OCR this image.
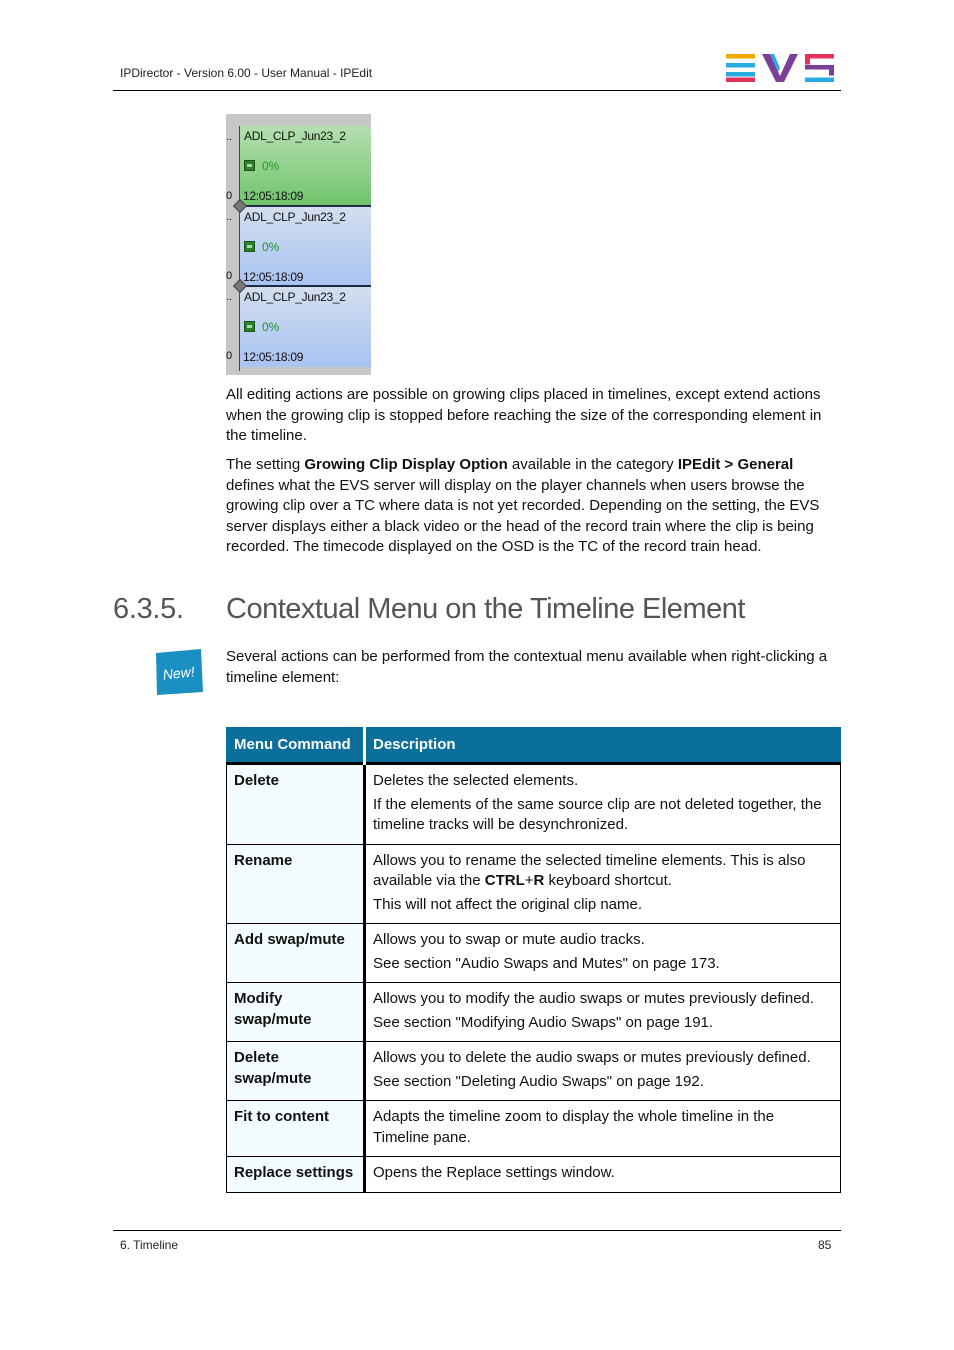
IPDirector - Version 6.00 - User Manual - IPEdit
ADL_CLP_Jun23_2
0%
12:05:18:09
ADL_CLP_Jun23_2
0%
12:05:18:09
ADL_CLP_Jun23_2
0%
12:05:18:09
..
0
..
0
..
0

All editing actions are possible on growing clips placed in timelines, except extend actions when the growing clip is stopped before reaching the size of the corresponding element in the timeline.

The setting Growing Clip Display Option available in the category IPEdit > General defines what the EVS server will display on the player channels when users browse the growing clip over a TC where data is not yet recorded. Depending on the setting, the EVS server displays either a black video or the head of the record train where the clip is being recorded. The timecode displayed on the OSD is the TC of the record train head.

6.3.5. Contextual Menu on the Timeline Element
New!

Several actions can be performed from the contextual menu available when right-clicking a timeline element:

Menu Command	Description
Delete	Deletes the selected elements.

If the elements of the same source clip are not deleted together, the timeline tracks will be desynchronized.

Rename	Allows you to rename the selected timeline elements. This is also available via the CTRL+R keyboard shortcut.

This will not affect the original clip name.

Add swap/mute	Allows you to swap or mute audio tracks.

See section "Audio Swaps and Mutes" on page 173.

Modify swap/mute	Allows you to modify the audio swaps or mutes previously defined.

See section "Modifying Audio Swaps" on page 191.

Delete swap/mute	Allows you to delete the audio swaps or mutes previously defined.

See section "Deleting Audio Swaps" on page 192.

Fit to content	Adapts the timeline zoom to display the whole timeline in the Timeline pane.

Replace settings	Opens the Replace settings window.

6. Timeline	85
